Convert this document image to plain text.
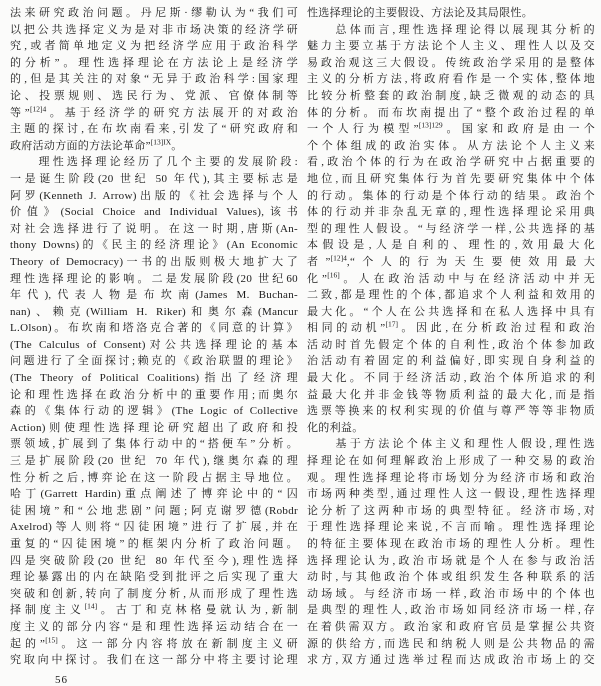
法来研究政治问题。丹尼斯·缪勒认为“我们可
以把公共选择定义为是对非市场决策的经济学研
究,或者简单地定义为把经济学应用于政治科学
的分析”。理性选择理论在方法论上是经济学
的,但是其关注的对象“无异于政治科学:国家理
论、投票规则、选民行为、党派、官僚体制等
等”$^{[12]4}$。基于经济学的研究方法展开的对政治
主题的探讨,在布坎南看来,引发了“研究政府和
政府活动方面的方法论革命”$^{[13]IX}$。
　　理性选择理论经历了几个主要的发展阶段:
一是诞生阶段(20 世纪 50 年代),其主要标志是
阿罗(Kenneth J. Arrow)出版的《社会选择与个人
价值》(Social Choice and Individual Values),该书
对社会选择进行了说明。在这一时期,唐斯(An-
thony Downs)的《民主的经济理论》(An Economic
Theory of Democracy)一书的出版则极大地扩大了
理性选择理论的影响。二是发展阶段(20 世纪60
年代),代表人物是布坎南(James M. Buchan-
nan)、赖克(William H. Riker)和奥尔森(Mancur
L.Olson)。布坎南和塔洛克合著的《同意的计算》
(The Calculus of Consent)对公共选择理论的基本
问题进行了全面探讨;赖克的《政治联盟的理论》
(The Theory of Political Coalitions)指出了经济理
论和理性选择在政治分析中的重要作用;而奥尔
森的《集体行动的逻辑》(The Logic of Collective
Action)则使理性选择理论研究超出了政府和投
票领域,扩展到了集体行动中的“搭便车”分析。
三是扩展阶段(20 世纪 70 年代),继奥尔森的理
性分析之后,博弈论在这一阶段占据主导地位。
哈丁(Garrett Hardin)重点阐述了博弈论中的“囚
徒困境”和“公地悲剧”问题;阿克谢罗德(Robdr
Axelrod)等人则将“囚徒困境”进行了扩展,并在
重复的“囚徒困境”的框架内分析了政治问题。
四是突破阶段(20 世纪 80 年代至今),理性选择
理论暴露出的内在缺陷受到批评之后实现了重大
突破和创新,转向了制度分析,从而形成了理性选
择制度主义[14]。古丁和克林格曼就认为,新制
度主义的部分内容“是和理性选择运动结合在一
起的”[15]。这一部分内容将放在新制度主义研
究取向中探讨。我们在这一部分中将主要讨论理
性选择理论的主要假设、方法论及其局限性。
　　总体而言,理性选择理论得以展现其分析的
魅力主要立基于方法论个人主义、理性人以及交
易政治观这三大假设。传统政治学采用的是整体
主义的分析方法,将政府看作是一个实体,整体地
比较分析整套的政治制度,缺乏微观的动态的具
体的分析。而布坎南提出了“整个政治过程的单
一个人行为模型”$^{[13]129}$。国家和政府是由一个
个个体组成的政治实体。从方法论个人主义来
看,政治个体的行为在政治学研究中占据重要的
地位,而且研究集体行为首先要研究集体中个体
的行动。集体的行动是个体行动的结果。政治个
体的行动并非杂乱无章的,理性选择理论采用典
型的理性人假设。“与经济学一样,公共选择的基
本假设是,人是自利的、理性的,效用最大化
者”$^{[12]4}$,“个人的行为天生要使效用最大
化”[16]。人在政治活动中与在经济活动中并无
二致,都是理性的个体,都追求个人利益和效用的
最大化。“个人在公共选择和在私人选择中具有
相同的动机”[17]。因此,在分析政治过程和政治
活动时首先假定个体的自利性,政治个体参加政
治活动有着固定的利益偏好,即实现自身利益的
最大化。不同于经济活动,政治个体所追求的利
益最大化并非金钱等物质利益的最大化,而是指
选票等换来的权利实现的价值与尊严等等非物质
化的利益。
　　基于方法论个体主义和理性人假设,理性选
择理论在如何理解政治上形成了一种交易的政治
观。理性选择理论将市场划分为经济市场和政治
市场两种类型,通过理性人这一假设,理性选择理
论分析了这两种市场的典型特征。经济市场,对
于理性选择理论来说,不言而喻。理性选择理论
的特征主要体现在政治市场的理性人分析。理性
选择理论认为,政治市场就是个人在参与政治活
动时,与其他政治个体或组织发生各种联系的活
动场域。与经济市场一样,政治市场中的个体也
是典型的理性人,政治市场如同经济市场一样,存
在着供需双方。政治家和政府官员是掌握公共资
源的供给方,而选民和纳税人则是公共物品的需
求方,双方通过选举过程而达成政治市场上的交
56
